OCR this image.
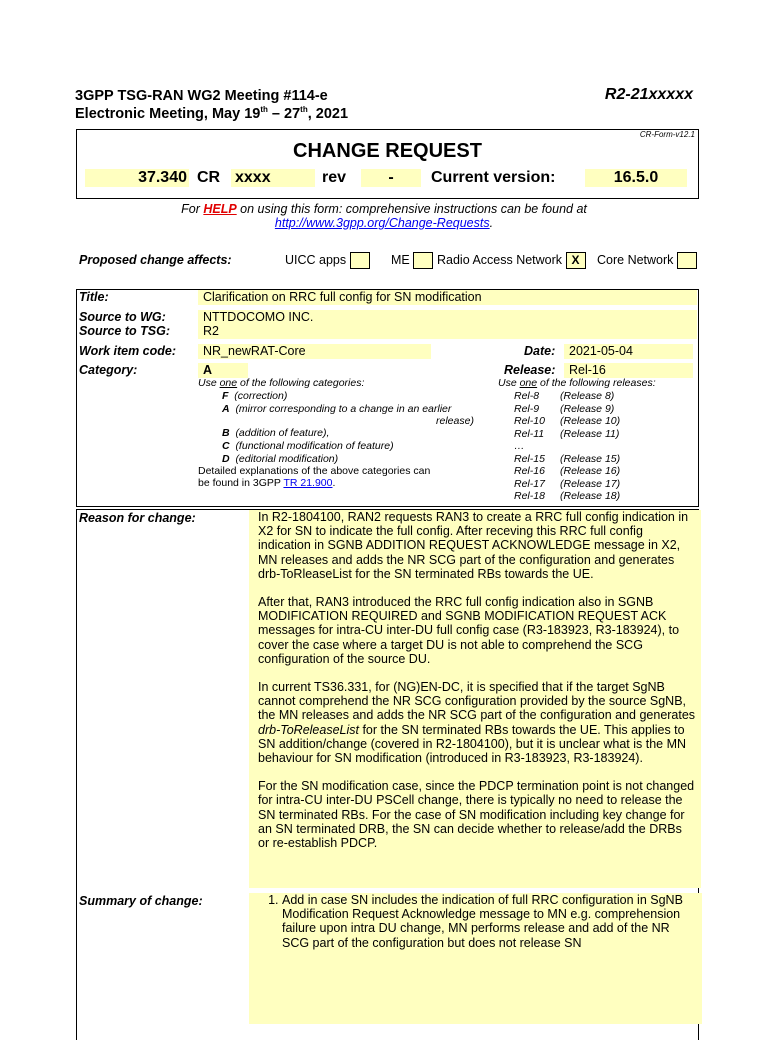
3GPP TSG-RAN WG2 Meeting #114-e
Electronic Meeting, May 19th – 27th, 2021
R2-21xxxxx
CR-Form-v12.1
CHANGE REQUEST
37.340 CR xxxx	rev	-	Current version:	16.5.0
For HELP on using this form: comprehensive instructions can be found at
http://www.3gpp.org/Change-Requests.
Proposed change affects:	UICC apps	ME	Radio Access Network X	Core Network
Title:	Clarification on RRC full config for SN modification
Source to WG:	NTTDOCOMO INC.
Source to TSG:	R2
Work item code:	NR_newRAT-Core	Date:	2021-05-04
Category:	A	Release:	Rel-16
Use one of the following categories:
F (correction)
A (mirror corresponding to a change in an earlier
release)
B (addition of feature),
C (functional modification of feature)
D (editorial modification)
Detailed explanations of the above categories can
be found in 3GPP TR 21.900.
Use one of the following releases:
Rel-8 (Release 8)
Rel-9 (Release 9)
Rel-10 (Release 10)
Rel-11 (Release 11)
…
Rel-15 (Release 15)
Rel-16 (Release 16)
Rel-17 (Release 17)
Rel-18 (Release 18)
Reason for change:	In R2-1804100, RAN2 requests RAN3 to create a RRC full config indication in X2 for SN to indicate the full config. After receving this RRC full config indication in SGNB ADDITION REQUEST ACKNOWLEDGE message in X2, MN releases and adds the NR SCG part of the configuration and generates drb-ToRleaseList for the SN terminated RBs towards the UE.

After that, RAN3 introduced the RRC full config indication also in SGNB MODIFICATION REQUIRED and SGNB MODIFICATION REQUEST ACK messages for intra-CU inter-DU full config case (R3-183923, R3-183924), to cover the case where a target DU is not able to comprehend the SCG configuration of the source DU.

In current TS36.331, for (NG)EN-DC, it is specified that if the target SgNB cannot comprehend the NR SCG configuration provided by the source SgNB, the MN releases and adds the NR SCG part of the configuration and generates drb-ToReleaseList for the SN terminated RBs towards the UE. This applies to SN addition/change (covered in R2-1804100), but it is unclear what is the MN behaviour for SN modification (introduced in R3-183923, R3-183924).

For the SN modification case, since the PDCP termination point is not changed for intra-CU inter-DU PSCell change, there is typically no need to release the SN terminated RBs. For the case of SN modification including key change for an SN terminated DRB, the SN can decide whether to release/add the DRBs or re-establish PDCP.

Summary of change:
1.	Add in case SN includes the indication of full RRC configuration in SgNB Modification Request Acknowledge message to MN e.g. comprehension failure upon intra DU change, MN performs release and add of the NR SCG part of the configuration but does not release SN
